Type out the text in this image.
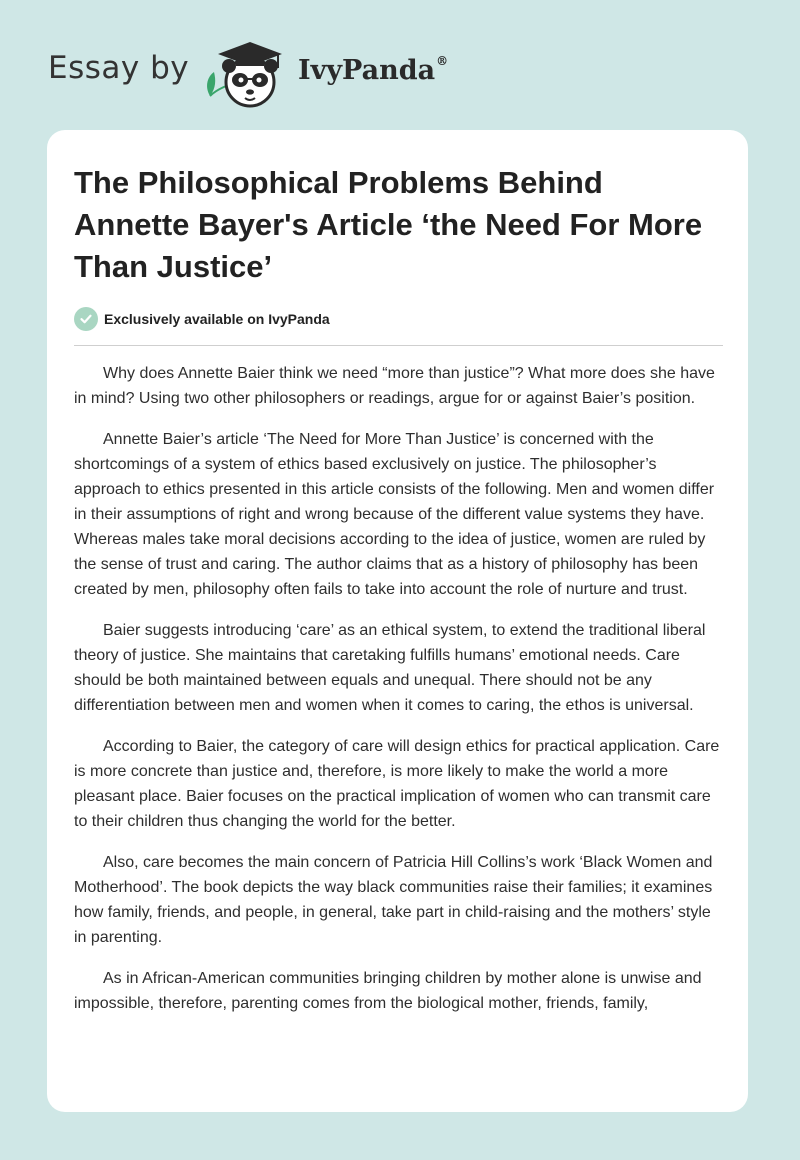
Essay by	IvyPanda®
The Philosophical Problems Behind Annette Bayer's Article ‘the Need For More Than Justice’
Exclusively available on IvyPanda

Why does Annette Baier think we need “more than justice”? What more does she have in mind? Using two other philosophers or readings, argue for or against Baier’s position.

Annette Baier’s article ‘The Need for More Than Justice’ is concerned with the shortcomings of a system of ethics based exclusively on justice. The philosopher’s approach to ethics presented in this article consists of the following. Men and women differ in their assumptions of right and wrong because of the different value systems they have. Whereas males take moral decisions according to the idea of justice, women are ruled by the sense of trust and caring. The author claims that as a history of philosophy has been created by men, philosophy often fails to take into account the role of nurture and trust.

Baier suggests introducing ‘care’ as an ethical system, to extend the traditional liberal theory of justice. She maintains that caretaking fulfills humans’ emotional needs. Care should be both maintained between equals and unequal. There should not be any differentiation between men and women when it comes to caring, the ethos is universal.

According to Baier, the category of care will design ethics for practical application. Care is more concrete than justice and, therefore, is more likely to make the world a more pleasant place. Baier focuses on the practical implication of women who can transmit care to their children thus changing the world for the better.

Also, care becomes the main concern of Patricia Hill Collins’s work ‘Black Women and Motherhood’. The book depicts the way black communities raise their families; it examines how family, friends, and people, in general, take part in child-raising and the mothers’ style in parenting.

As in African-American communities bringing children by mother alone is unwise and impossible, therefore, parenting comes from the biological mother, friends, family,
